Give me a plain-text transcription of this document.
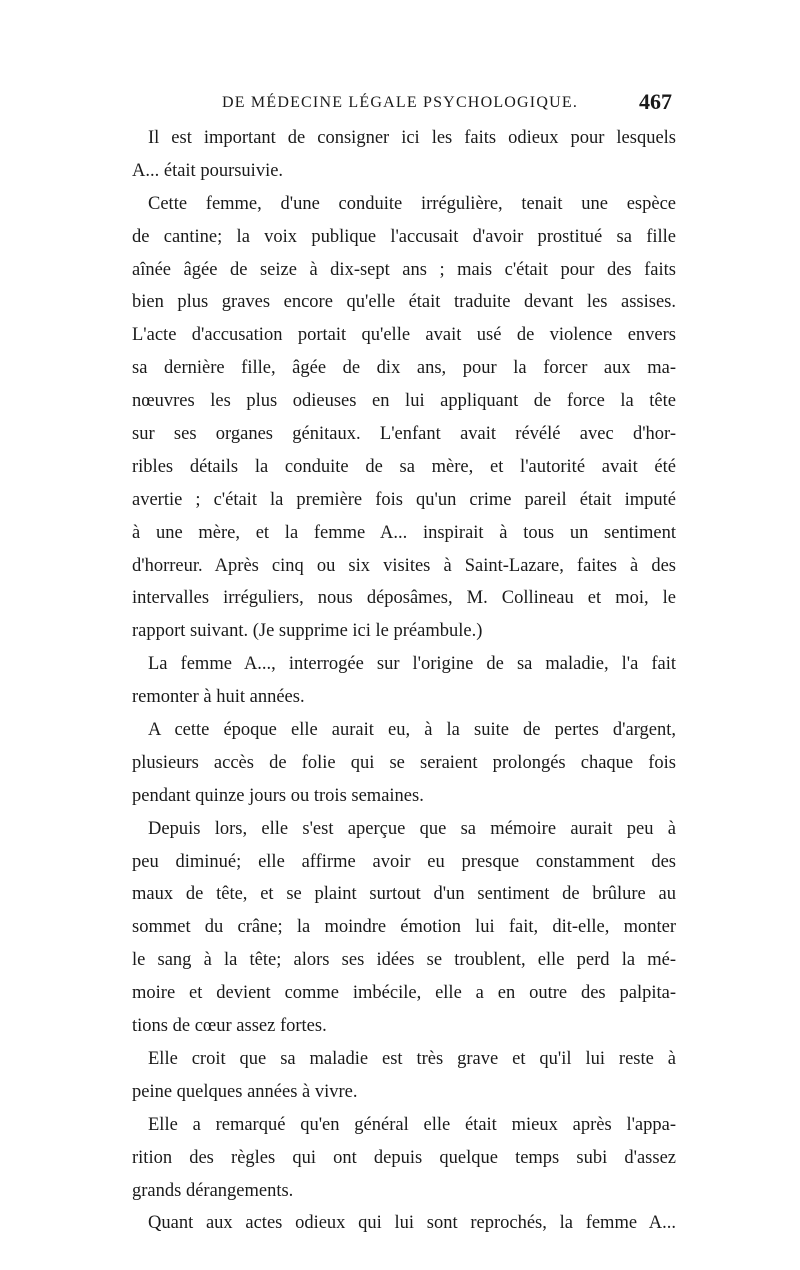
DE MÉDECINE LÉGALE PSYCHOLOGIQUE.	467
Il est important de consigner ici les faits odieux pour lesquels
A... était poursuivie.
Cette femme, d'une conduite irrégulière, tenait une espèce
de cantine; la voix publique l'accusait d'avoir prostitué sa fille
aînée âgée de seize à dix-sept ans ; mais c'était pour des faits
bien plus graves encore qu'elle était traduite devant les assises.
L'acte d'accusation portait qu'elle avait usé de violence envers
sa dernière fille, âgée de dix ans, pour la forcer aux ma-
nœuvres les plus odieuses en lui appliquant de force la tête
sur ses organes génitaux. L'enfant avait révélé avec d'hor-
ribles détails la conduite de sa mère, et l'autorité avait été
avertie ; c'était la première fois qu'un crime pareil était imputé
à une mère, et la femme A... inspirait à tous un sentiment
d'horreur. Après cinq ou six visites à Saint-Lazare, faites à des
intervalles irréguliers, nous déposâmes, M. Collineau et moi, le
rapport suivant. (Je supprime ici le préambule.)
La femme A..., interrogée sur l'origine de sa maladie, l'a fait
remonter à huit années.
A cette époque elle aurait eu, à la suite de pertes d'argent,
plusieurs accès de folie qui se seraient prolongés chaque fois
pendant quinze jours ou trois semaines.
Depuis lors, elle s'est aperçue que sa mémoire aurait peu à
peu diminué; elle affirme avoir eu presque constamment des
maux de tête, et se plaint surtout d'un sentiment de brûlure au
sommet du crâne; la moindre émotion lui fait, dit-elle, monter
le sang à la tête; alors ses idées se troublent, elle perd la mé-
moire et devient comme imbécile, elle a en outre des palpita-
tions de cœur assez fortes.
Elle croit que sa maladie est très grave et qu'il lui reste à
peine quelques années à vivre.
Elle a remarqué qu'en général elle était mieux après l'appa-
rition des règles qui ont depuis quelque temps subi d'assez
grands dérangements.
Quant aux actes odieux qui lui sont reprochés, la femme A...
